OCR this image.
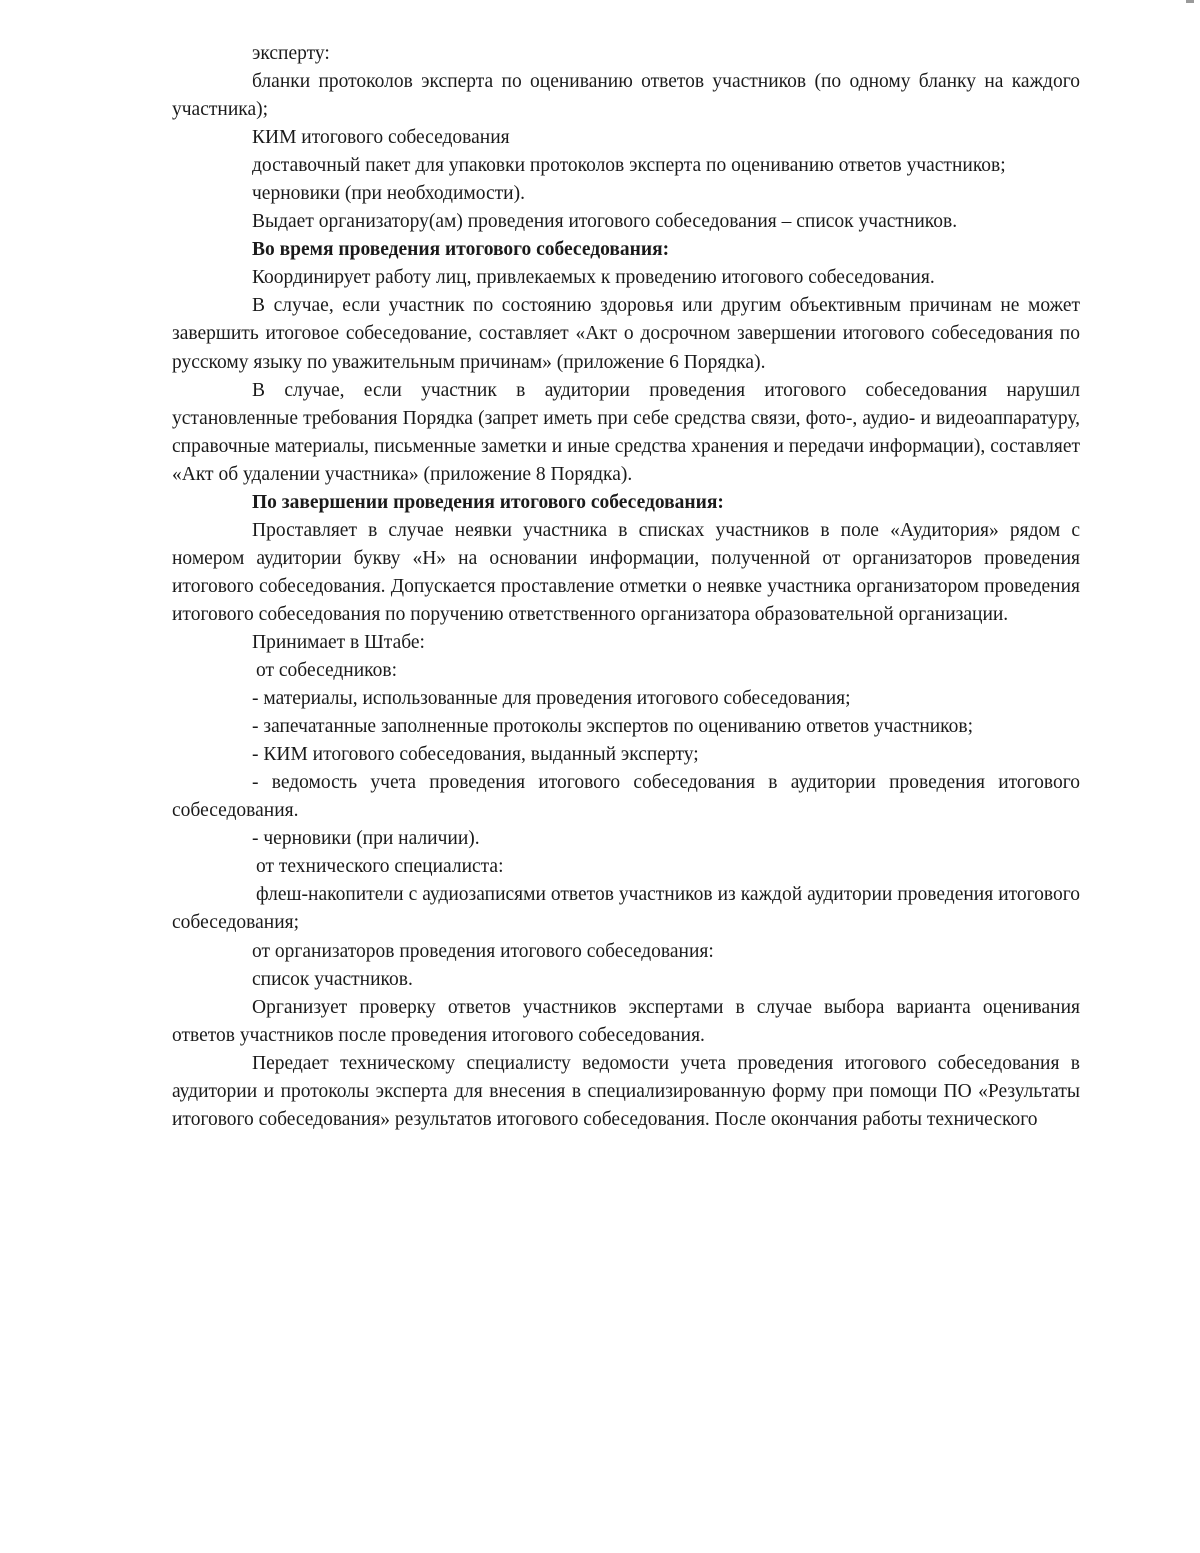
эксперту:

бланки протоколов эксперта по оцениванию ответов участников (по одному бланку на каждого участника);

КИМ итогового собеседования

доставочный пакет для упаковки протоколов эксперта по оцениванию ответов участников;

черновики (при необходимости).

Выдает организатору(ам) проведения итогового собеседования – список участников.

Во время проведения итогового собеседования:

Координирует работу лиц, привлекаемых к проведению итогового собеседования.

В случае, если участник по состоянию здоровья или другим объективным причинам не может завершить итоговое собеседование, составляет «Акт о досрочном завершении итогового собеседования по русскому языку по уважительным причинам» (приложение 6 Порядка).

В случае, если участник в аудитории проведения итогового собеседования нарушил установленные требования Порядка (запрет иметь при себе средства связи, фото-, аудио- и видеоаппаратуру, справочные материалы, письменные заметки и иные средства хранения и передачи информации), составляет «Акт об удалении участника» (приложение 8 Порядка).

По завершении проведения итогового собеседования:

Проставляет в случае неявки участника в списках участников в поле «Аудитория» рядом с номером аудитории букву «Н» на основании информации, полученной от организаторов проведения итогового собеседования. Допускается проставление отметки о неявке участника организатором проведения итогового собеседования по поручению ответственного организатора образовательной организации.

Принимает в Штабе:

от собеседников:

- материалы, использованные для проведения итогового собеседования;

- запечатанные заполненные протоколы экспертов по оцениванию ответов участников;

- КИМ итогового собеседования, выданный эксперту;

- ведомость учета проведения итогового собеседования в аудитории проведения итогового собеседования.

- черновики (при наличии).

от технического специалиста:

флеш-накопители с аудиозаписями ответов участников из каждой аудитории проведения итогового собеседования;

от организаторов проведения итогового собеседования:

список участников.

Организует проверку ответов участников экспертами в случае выбора варианта оценивания ответов участников после проведения итогового собеседования.

Передает техническому специалисту ведомости учета проведения итогового собеседования в аудитории и протоколы эксперта для внесения в специализированную форму при помощи ПО «Результаты итогового собеседования» результатов итогового собеседования. После окончания работы технического
